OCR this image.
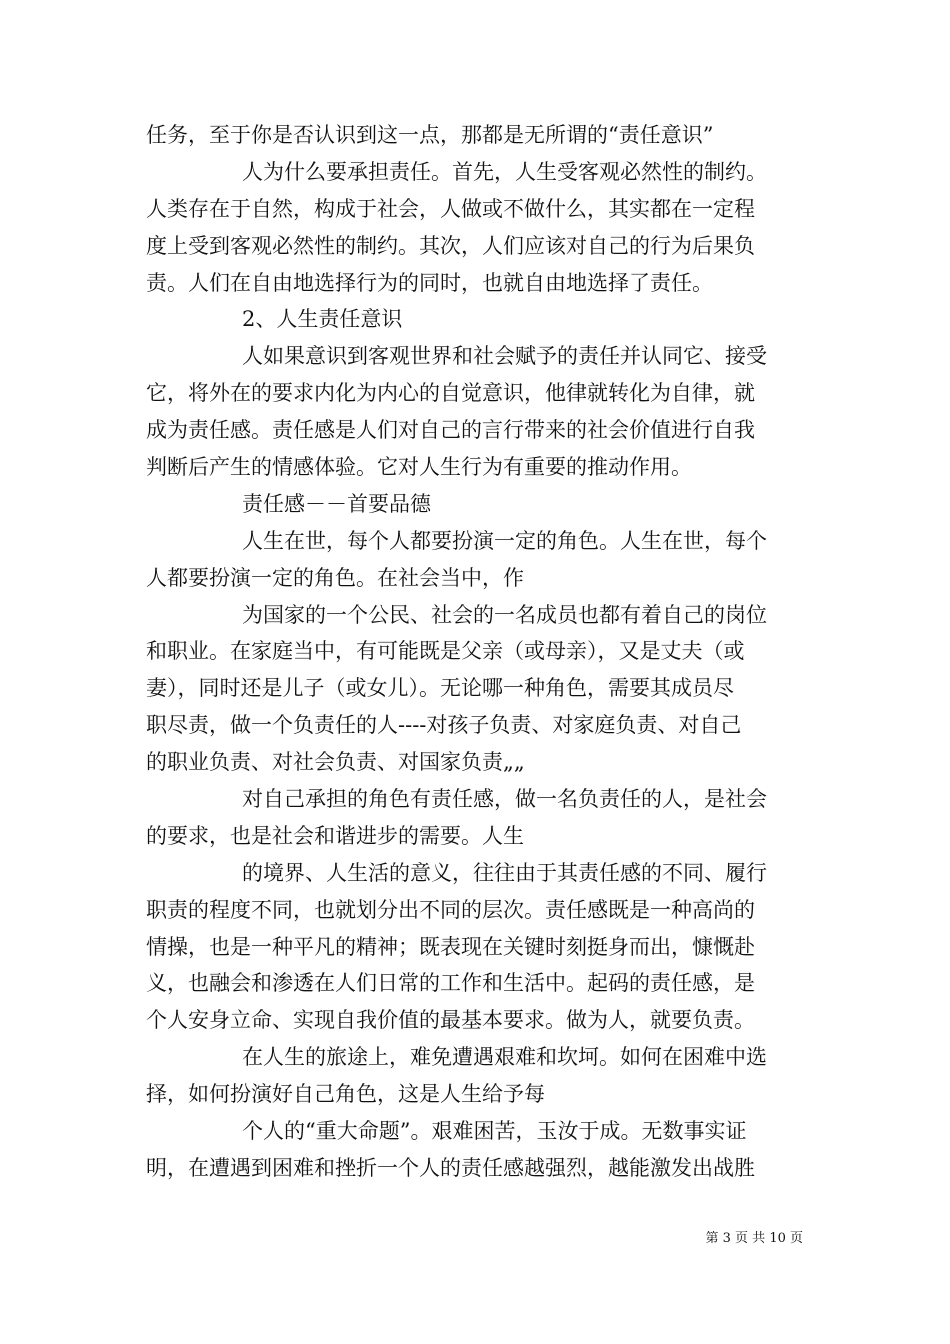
任务，至于你是否认识到这一点，那都是无所谓的“责任意识”
人为什么要承担责任。首先，人生受客观必然性的制约。
人类存在于自然，构成于社会，人做或不做什么，其实都在一定程
度上受到客观必然性的制约。其次，人们应该对自己的行为后果负
责。人们在自由地选择行为的同时，也就自由地选择了责任。
2、人生责任意识
人如果意识到客观世界和社会赋予的责任并认同它、接受
它，将外在的要求内化为内心的自觉意识，他律就转化为自律，就
成为责任感。责任感是人们对自己的言行带来的社会价值进行自我
判断后产生的情感体验。它对人生行为有重要的推动作用。
责任感－－首要品德
人生在世，每个人都要扮演一定的角色。人生在世，每个
人都要扮演一定的角色。在社会当中，作
为国家的一个公民、社会的一名成员也都有着自己的岗位
和职业。在家庭当中，有可能既是父亲（或母亲），又是丈夫（或
妻），同时还是儿子（或女儿）。无论哪一种角色，需要其成员尽
职尽责，做一个负责任的人----对孩子负责、对家庭负责、对自己
的职业负责、对社会负责、对国家负责„„
对自己承担的角色有责任感，做一名负责任的人，是社会
的要求，也是社会和谐进步的需要。人生
的境界、人生活的意义，往往由于其责任感的不同、履行
职责的程度不同，也就划分出不同的层次。责任感既是一种高尚的
情操，也是一种平凡的精神；既表现在关键时刻挺身而出，慷慨赴
义，也融会和渗透在人们日常的工作和生活中。起码的责任感，是
个人安身立命、实现自我价值的最基本要求。做为人，就要负责。
在人生的旅途上，难免遭遇艰难和坎坷。如何在困难中选
择，如何扮演好自己角色，这是人生给予每
个人的“重大命题”。艰难困苦，玉汝于成。无数事实证
明，在遭遇到困难和挫折一个人的责任感越强烈，越能激发出战胜
第 3 页 共 10 页
